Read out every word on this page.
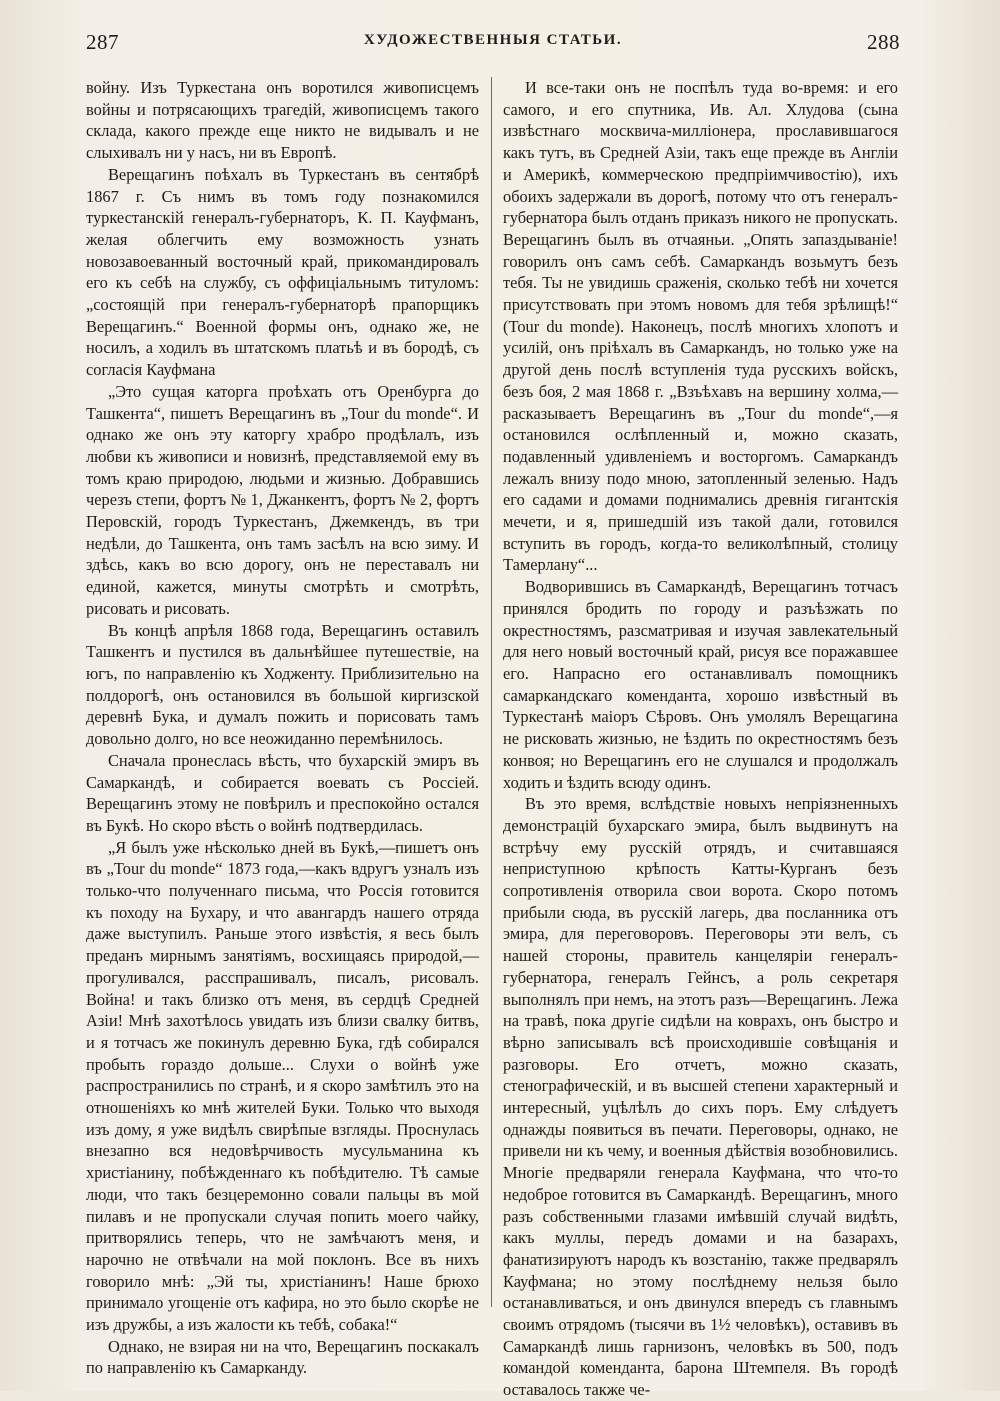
287	ХУДОЖЕСТВЕННЫЯ СТАТЬИ.	288

войну. Изъ Туркестана онъ воротился живописцемъ войны и потрясающихъ трагедій, живописцемъ такого склада, какого прежде еще никто не видывалъ и не слыхивалъ ни у насъ, ни въ Европѣ.

Верещагинъ поѣхалъ въ Туркестанъ въ сентябрѣ 1867 г. Съ нимъ въ томъ году познакомился туркестанскій генералъ-губернаторъ, К. П. Кауфманъ, желая облегчить ему возможность узнать новозавоеванный восточный край, прикомандировалъ его къ себѣ на службу, съ оффиціальнымъ титуломъ: „состоящій при генералъ-губернаторѣ прапорщикъ Верещагинъ.“ Военной формы онъ, однако же, не носилъ, а ходилъ въ штатскомъ платьѣ и въ бородѣ, съ согласія Кауфмана

„Это сущая каторга проѣхать отъ Оренбурга до Ташкента“, пишетъ Верещагинъ въ „Tour du monde“. И однако же онъ эту каторгу храбро продѣлалъ, изъ любви къ живописи и новизнѣ, представляемой ему въ томъ краю природою, людьми и жизнью. Добравшись черезъ степи, фортъ № 1, Джанкентъ, фортъ № 2, фортъ Перовскій, городъ Туркестанъ, Джемкендъ, въ три недѣли, до Ташкента, онъ тамъ засѣлъ на всю зиму. И здѣсь, какъ во всю дорогу, онъ не переставалъ ни единой, кажется, минуты смотрѣть и смотрѣть, рисовать и рисовать.

Въ концѣ апрѣля 1868 года, Верещагинъ оставилъ Ташкентъ и пустился въ дальнѣйшее путешествіе, на югъ, по направленію къ Ходженту. Приблизительно на полдорогѣ, онъ остановился въ большой киргизской деревнѣ Бука, и думалъ пожить и порисовать тамъ довольно долго, но все неожиданно перемѣнилось.

Сначала пронеслась вѣсть, что бухарскій эмиръ въ Самаркандѣ, и собирается воевать съ Россіей. Верещагинъ этому не повѣрилъ и преспокойно остался въ Букѣ. Но скоро вѣсть о войнѣ подтвердилась.

„Я былъ уже нѣсколько дней въ Букѣ,—пишетъ онъ въ „Tour du monde“ 1873 года,—какъ вдругъ узналъ изъ только-что полученнаго письма, что Россія готовится къ походу на Бухару, и что авангардъ нашего отряда даже выступилъ. Раньше этого извѣстія, я весь былъ преданъ мирнымъ занятіямъ, восхищаясь природой,—прогуливался, расспрашивалъ, писалъ, рисовалъ. Война! и такъ близко отъ меня, въ сердцѣ Средней Азіи! Мнѣ захотѣлось увидать изъ близи свалку битвъ, и я тотчасъ же покинулъ деревню Бука, гдѣ собирался пробыть гораздо дольше... Слухи о войнѣ уже распространились по странѣ, и я скоро замѣтилъ это на отношеніяхъ ко мнѣ жителей Буки. Только что выходя изъ дому, я уже видѣлъ свирѣпые взгляды. Проснулась внезапно вся недовѣрчивость мусульманина къ христіанину, побѣжденнаго къ побѣдителю. Тѣ самые люди, что такъ безцеремонно совали пальцы въ мой пилавъ и не пропускали случая попить моего чайку, притворялись теперь, что не замѣчаютъ меня, и нарочно не отвѣчали на мой поклонъ. Все въ нихъ говорило мнѣ: „Эй ты, христіанинъ! Наше брюхо принимало угощеніе отъ кафира, но это было скорѣе не изъ дружбы, а изъ жалости къ тебѣ, собака!“

Однако, не взирая ни на что, Верещагинъ поскакалъ по направленію къ Самарканду.

И все-таки онъ не поспѣлъ туда во-время: и его самого, и его спутника, Ив. Ал. Хлудова (сына извѣстнаго москвича-милліонера, прославившагося какъ тутъ, въ Средней Азіи, такъ еще прежде въ Англіи и Америкѣ, коммерческою предпріимчивостію), ихъ обоихъ задержали въ дорогѣ, потому что отъ генералъ-губернатора былъ отданъ приказъ никого не пропускать. Верещагинъ былъ въ отчаяньи. „Опять запаздываніе! говорилъ онъ самъ себѣ. Самаркандъ возьмутъ безъ тебя. Ты не увидишь сраженія, сколько тебѣ ни хочется присутствовать при этомъ новомъ для тебя зрѣлищѣ!“ (Tour du monde). Наконецъ, послѣ многихъ хлопотъ и усилій, онъ пріѣхалъ въ Самаркандъ, но только уже на другой день послѣ вступленія туда русскихъ войскъ, безъ боя, 2 мая 1868 г. „Взъѣхавъ на вершину холма,—расказываетъ Верещагинъ въ „Tour du monde“,—я остановился ослѣпленный и, можно сказать, подавленный удивленіемъ и восторгомъ. Самаркандъ лежалъ внизу подо мною, затопленный зеленью. Надъ его садами и домами поднимались древнія гигантскія мечети, и я, пришедшій изъ такой дали, готовился вступить въ городъ, когда-то великолѣпный, столицу Тамерлану“...

Водворившись въ Самаркандѣ, Верещагинъ тотчасъ принялся бродить по городу и разъѣзжать по окрестностямъ, разсматривая и изучая завлекательный для него новый восточный край, рисуя все поражавшее его. Напрасно его останавливалъ помощникъ самаркандскаго коменданта, хорошо извѣстный въ Туркестанѣ маіоръ Сѣровъ. Онъ умолялъ Верещагина не рисковать жизнью, не ѣздить по окрестностямъ безъ конвоя; но Верещагинъ его не слушался и продолжалъ ходить и ѣздить всюду одинъ.

Въ это время, вслѣдствіе новыхъ непріязненныхъ демонстрацій бухарскаго эмира, былъ выдвинутъ на встрѣчу ему русскій отрядъ, и считавшаяся неприступною крѣпость Катты-Курганъ безъ сопротивленія отворила свои ворота. Скоро потомъ прибыли сюда, въ русскій лагерь, два посланника отъ эмира, для переговоровъ. Переговоры эти велъ, съ нашей стороны, правитель канцеляріи генералъ-губернатора, генералъ Гейнсъ, а роль секретаря выполнялъ при немъ, на этотъ разъ—Верещагинъ. Лежа на травѣ, пока другіе сидѣли на коврахъ, онъ быстро и вѣрно записывалъ всѣ происходившіе совѣщанія и разговоры. Его отчетъ, можно сказать, стенографическій, и въ высшей степени характерный и интересный, уцѣлѣлъ до сихъ поръ. Ему слѣдуетъ однажды появиться въ печати. Переговоры, однако, не привели ни къ чему, и военныя дѣйствія возобновились. Многіе предваряли генерала Кауфмана, что что-то недоброе готовится въ Самаркандѣ. Верещагинъ, много разъ собственными глазами имѣвшій случай видѣть, какъ муллы, передъ домами и на базарахъ, фанатизируютъ народъ къ возстанію, также предварялъ Кауфмана; но этому послѣднему нельзя было останавливаться, и онъ двинулся впередъ съ главнымъ своимъ отрядомъ (тысячи въ 1½ человѣкъ), оставивъ въ Самаркандѣ лишь гарнизонъ, человѣкъ въ 500, подъ командой коменданта, барона Штемпеля. Въ городѣ оставалось также че-
